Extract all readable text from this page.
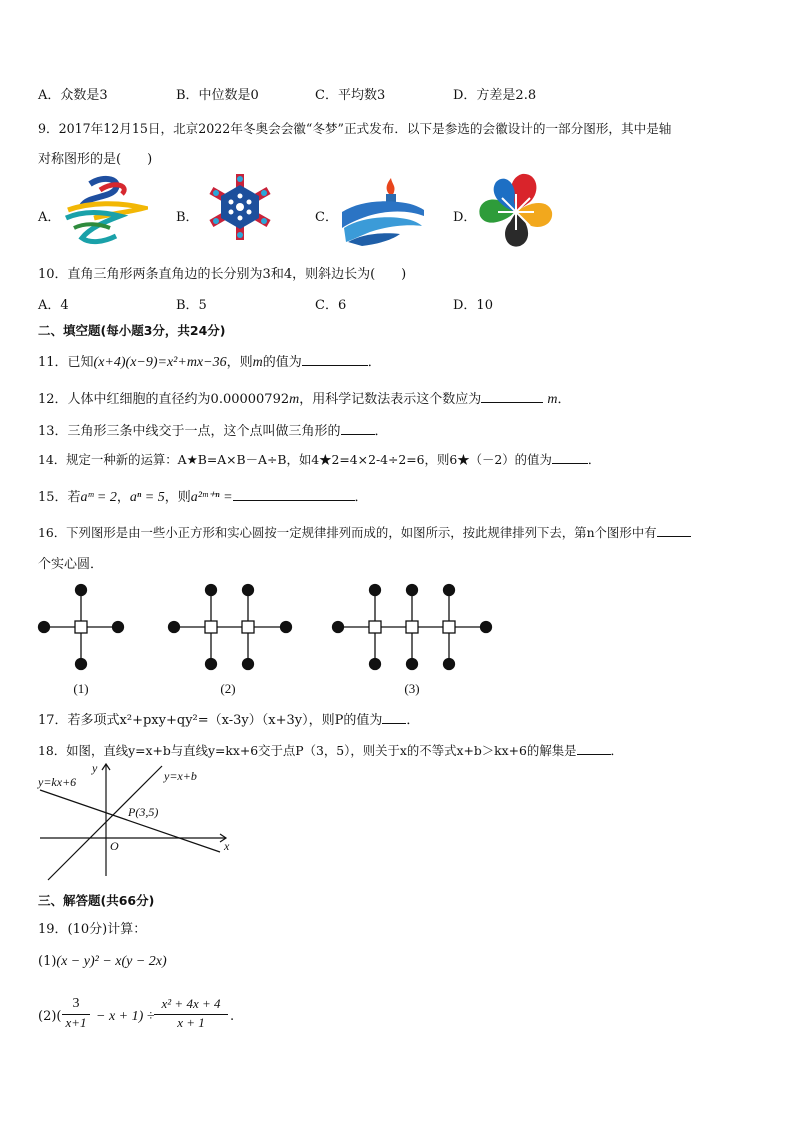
A．众数是3	B．中位数是0	C．平均数3	D．方差是2.8
9．2017年12月15日，北京2022年冬奥会会徽“冬梦”正式发布．以下是参选的会徽设计的一部分图形，其中是轴
对称图形的是(　　)
A．	B．	C．	D．
10．直角三角形两条直角边的长分别为3和4，则斜边长为(　　)
A．4	B．5	C．6	D．10
二、填空题(每小题3分，共24分)
11．已知(x+4)(x−9)=x²+mx−36，则m的值为	．
12．人体中红细胞的直径约为0.00000792m，用科学记数法表示这个数应为	m．
13．三角形三条中线交于一点，这个点叫做三角形的	．
14．规定一种新的运算：A★B=A×B－A÷B，如4★2=4×2-4÷2=6，则6★（－2）的值为	．
15．若aᵐ = 2，aⁿ = 5，则a²ᵐ⁺ⁿ =	．
16．下列图形是由一些小正方形和实心圆按一定规律排列而成的，如图所示，按此规律排列下去，第n个图形中有
个实心圆．
(1)	(2)	(3)
17．若多项式x²+pxy+qy²=（x-3y）（x+3y），则P的值为 ．
18．如图，直线y=x+b与直线y=kx+6交于点P（3，5），则关于x的不等式x+b＞kx+6的解集是	．
y=kx+6	y=x+b
P(3,5)
O	x
y
三、解答题(共66分)
19．(10分)计算：
(1)(x − y)² − x(y − 2x)
(2)(
3
x+1 − x + 1) ÷
x² + 4x + 4
x + 1	.
